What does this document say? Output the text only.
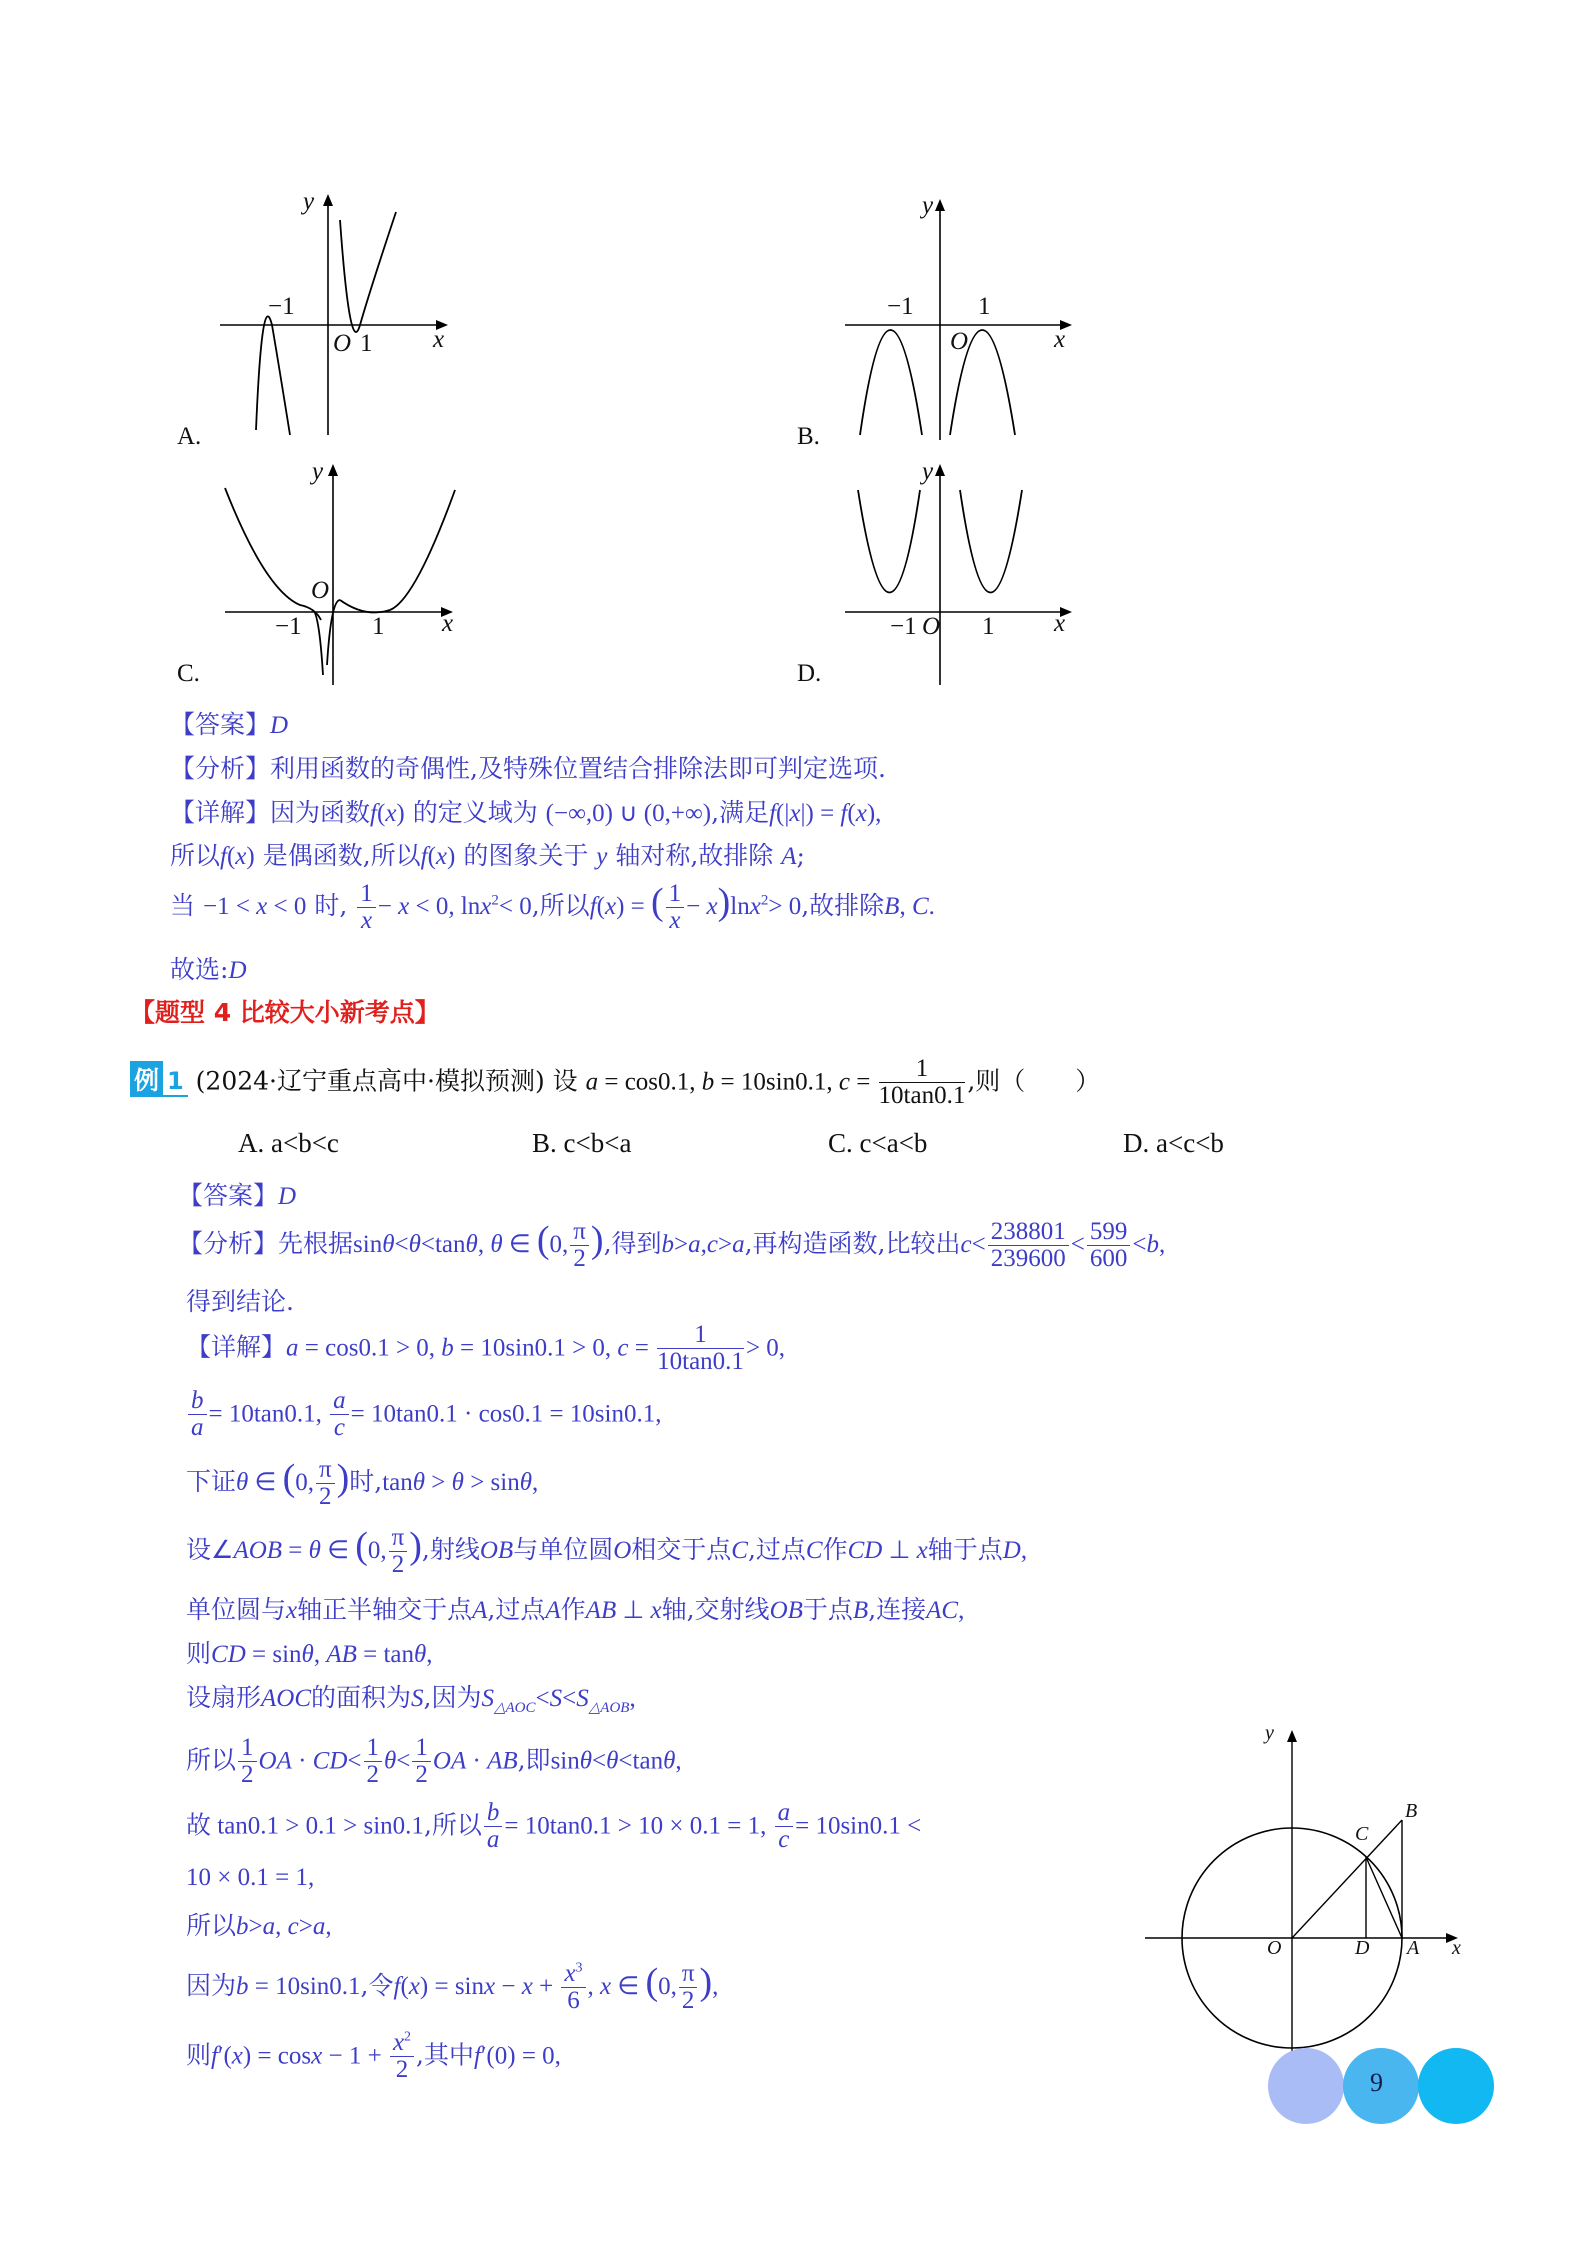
y
x
−1
O 1
A.
y
x
−1	1
O
B.
y
x
O
−1	1
C.
y
x
−1 O 1
D.
【答案】D
【分析】利用函数的奇偶性,及特殊位置结合排除法即可判定选项.
【详解】因为函数f(x) 的定义域为 (−∞,0) ∪ (0,+∞),满足f(|x|) = f(x),
所以f(x) 是偶函数,所以f(x) 的图象关于 y 轴对称,故排除 A;
当 −1 < x < 0 时, $\frac{1}{x} - x < 0$, lnx$^2$< 0,所以f(x) = ( $\frac{1}{x} - x)\ln x^2> 0$,故排除B, C.
故选:D
【题型 4 比较大小新考点】
例 1 (2024·辽宁重点高中·模拟预测) 设 a = cos0.1, b = 10sin0.1, $c = \frac{1}{10\tan 0.1}$ ,则（　　）
A. a<b<c	B. c<b<a	C. c<a<b	D. a<c<b
【答案】D
【分析】先根据sinθ<θ<tanθ, θ ∈ (0, $\frac{\pi}{2}$ ),得到b>a,c>a,再构造函数,比较出$c< \frac{238801}{239600} < \frac{599}{600} <b$,
得到结论.
【详解】a = cos0.1 > 0, b = 10sin0.1 > 0, $c = \frac{1}{10\tan 0.1} > 0$,
$\frac{b}{a} = 10\tan 0.1$, $\frac{a}{c} = 10\tan 0.1 \cdot \cos 0.1 = 10\sin 0.1$,
下证θ ∈ (0, $\frac{\pi}{2}$ )时,tanθ > θ > sinθ,
设∠AOB = θ ∈ (0, $\frac{\pi}{2}$ ),射线OB与单位圆O相交于点C,过点C作CD ⊥ x轴于点D,
单位圆与x轴正半轴交于点A,过点A作AB ⊥ x轴,交射线OB于点B,连接AC,
则CD = sinθ, AB = tanθ,
设扇形AOC的面积为S,因为$S_{\triangle AOC}<S<S_{\triangle AOB}$,
所以 $\frac{1}{2}$ OA · $CD< \frac{1}{2} \theta< \frac{1}{2}$ OA · AB,即sinθ<θ<tanθ,
故 tan0.1 > 0.1 > sin0.1,所以 $\frac{b}{a} = 10\tan 0.1 > 10 \times 0.1 = 1$, $\frac{a}{c} = 10\sin 0.1$ <
10 × 0.1 = 1,
所以b>a, c>a,
因为b = 10sin0.1,令$f(x) = \sin x - x + \frac{x^3}{6}$ , x ∈ (0, $\frac{\pi}{2}$ ),
则$f'(x) = \cos x - 1 + \frac{x^2}{2}$ ,其中f′(0) = 0,
y
x
O	D A
B
C
9
